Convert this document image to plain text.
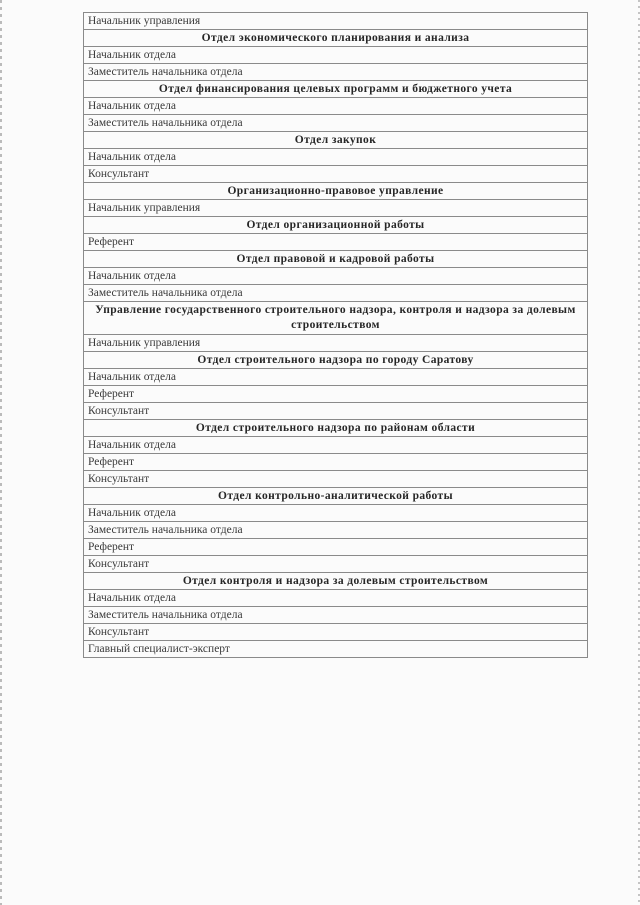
Начальник управления
Отдел экономического планирования и анализа
Начальник отдела
Заместитель начальника отдела
Отдел финансирования целевых программ и бюджетного учета
Начальник отдела
Заместитель начальника отдела
Отдел закупок
Начальник отдела
Консультант
Организационно-правовое управление
Начальник управления
Отдел организационной работы
Референт
Отдел правовой и кадровой работы
Начальник отдела
Заместитель начальника отдела
Управление государственного строительного надзора, контроля и надзора за долевым строительством
Начальник управления
Отдел строительного надзора по городу Саратову
Начальник отдела
Референт
Консультант
Отдел строительного надзора по районам области
Начальник отдела
Референт
Консультант
Отдел контрольно-аналитической работы
Начальник отдела
Заместитель начальника отдела
Референт
Консультант
Отдел контроля и надзора за долевым строительством
Начальник отдела
Заместитель начальника отдела
Консультант
Главный специалист-эксперт
